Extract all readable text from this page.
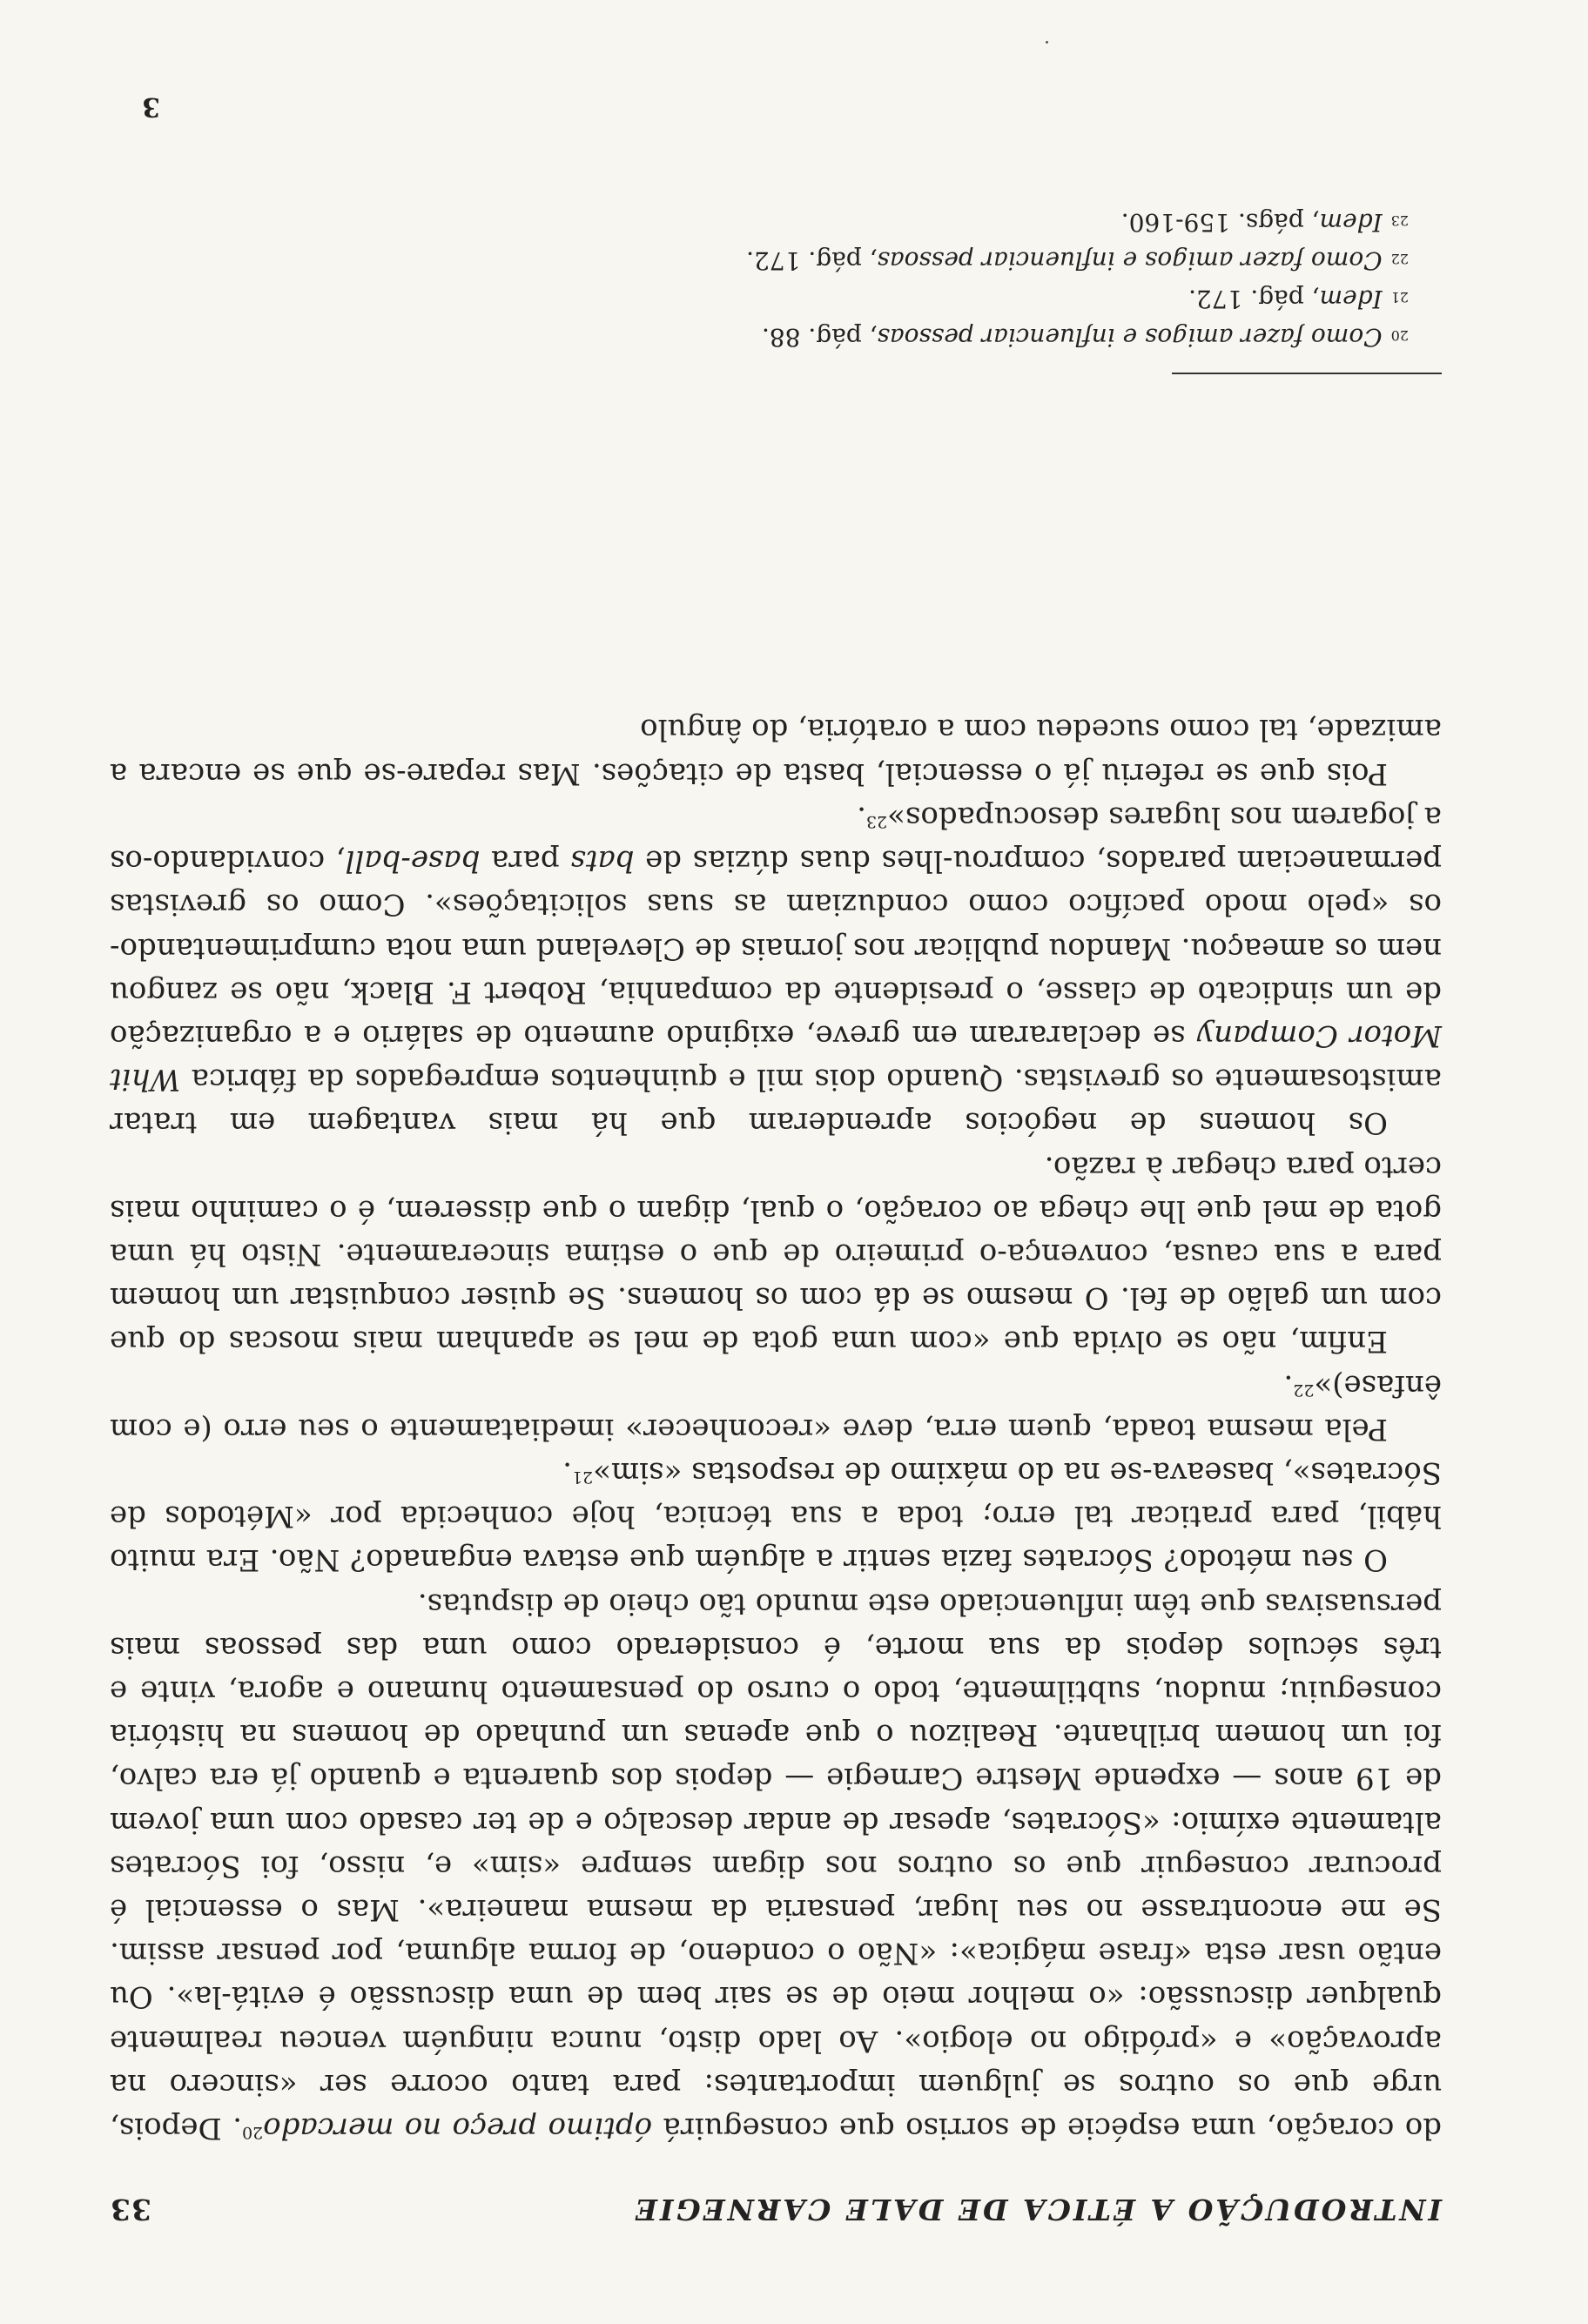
INTRODUÇÃO A ÉTICA DE DALE CARNEGIE
33

do coração, uma espécie de sorriso que conseguirá óptimo preço no mercado$^{20}$. Depois, urge que os outros se julguem importantes: para tanto ocorre ser «sincero na aprovação» e «pródigo no elogio». Ao lado disto, nunca ninguém venceu realmente qualquer discussão: «o melhor meio de se sair bem de uma discussão é evitá-la». Ou então usar esta «frase mágica»: «Não o condeno, de forma alguma, por pensar assim. Se me encontrasse no seu lugar, pensaria da mesma maneira». Mas o essencial é procurar conseguir que os outros nos digam sempre «sim» e, nisso, foi Sócrates altamente exímio: «Sócrates, apesar de andar descalço e de ter casado com uma jovem de 19 anos — expende Mestre Carnegie — depois dos quarenta e quando já era calvo, foi um homem brilhante. Realizou o que apenas um punhado de homens na história conseguiu; mudou, subtilmente, todo o curso do pensamento humano e agora, vinte e três séculos depois da sua morte, é considerado como uma das pessoas mais persuasivas que têm influenciado este mundo tão cheio de disputas.

O seu método? Sócrates fazia sentir a alguém que estava enganado? Não. Era muito hábil, para praticar tal erro; toda a sua técnica, hoje conhecida por «Métodos de Sócrates», baseava-se na do máximo de respostas «sim»$^{21}$.

Pela mesma toada, quem erra, deve «reconhecer» imediatamente o seu erro (e com ênfase)»$^{22}$.

Enfim, não se olvida que «com uma gota de mel se apanham mais moscas do que com um galão de fel. O mesmo se dá com os homens. Se quiser conquistar um homem para a sua causa, convença-o primeiro de que o estima sinceramente. Nisto há uma gota de mel que lhe chega ao coração, o qual, digam o que disserem, é o caminho mais certo para chegar à razão.

Os homens de negócios aprenderam que há mais vantagem em tratar amistosamente os grevistas. Quando dois mil e quinhentos empregados da fábrica Whit Motor Company se declararam em greve, exigindo aumento de salário e a organização de um sindicato de classe, o presidente da companhia, Robert F. Black, não se zangou nem os ameaçou. Mandou publicar nos jornais de Cleveland uma nota cumprimentando-os «pelo modo pacífico como conduziam as suas solicitações». Como os grevistas permaneciam parados, comprou-lhes duas dúzias de bats para base-ball, convidando-os a jogarem nos lugares desocupados»$^{23}$.

Pois que se referiu já o essencial, basta de citações. Mas repare-se que se encara a amizade, tal como sucedeu com a oratória, do ângulo

20Como fazer amigos e influenciar pessoas, pág. 88.
21Idem, pág. 172.
22Como fazer amigos e influenciar pessoas, pág. 172.
23Idem, págs. 159-160.
3
